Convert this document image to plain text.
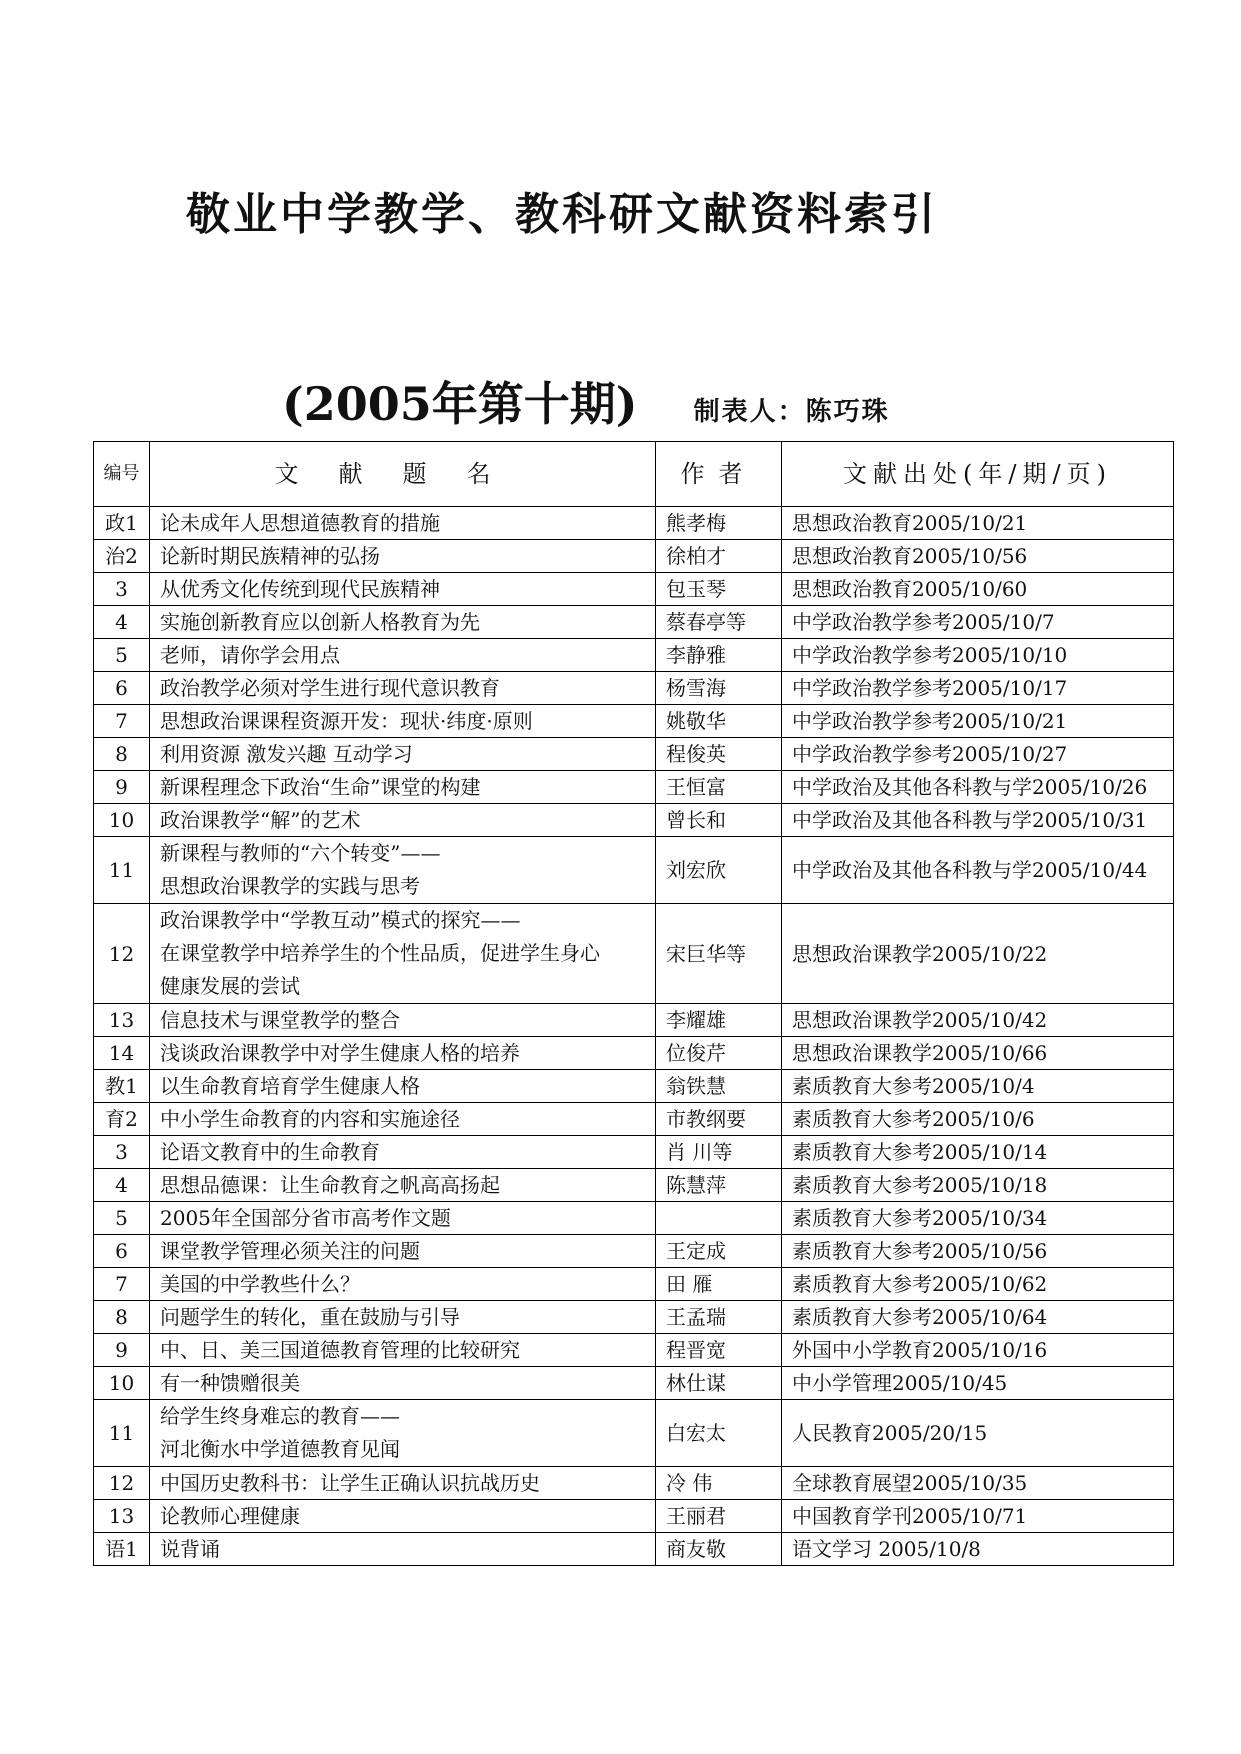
敬业中学教学、教科研文献资料索引
(2005年第十期) 制表人：陈巧珠
编号	文献题名	作者	文献出处(年/期/页)
政1	论未成年人思想道德教育的措施	熊孝梅	思想政治教育2005/10/21
治2	论新时期民族精神的弘扬	徐柏才	思想政治教育2005/10/56
3	从优秀文化传统到现代民族精神	包玉琴	思想政治教育2005/10/60
4	实施创新教育应以创新人格教育为先	蔡春亭等	中学政治教学参考2005/10/7
5	老师，请你学会用点	李静雅	中学政治教学参考2005/10/10
6	政治教学必须对学生进行现代意识教育	杨雪海	中学政治教学参考2005/10/17
7	思想政治课课程资源开发：现状·纬度·原则	姚敬华	中学政治教学参考2005/10/21
8	利用资源 激发兴趣 互动学习	程俊英	中学政治教学参考2005/10/27
9	新课程理念下政治“生命”课堂的构建	王恒富	中学政治及其他各科教与学2005/10/26
10	政治课教学“解”的艺术	曾长和	中学政治及其他各科教与学2005/10/31
11	新课程与教师的“六个转变”——
思想政治课教学的实践与思考	刘宏欣	中学政治及其他各科教与学2005/10/44
12	政治课教学中“学教互动”模式的探究——
在课堂教学中培养学生的个性品质，促进学生身心
健康发展的尝试	宋巨华等	思想政治课教学2005/10/22
13	信息技术与课堂教学的整合	李耀雄	思想政治课教学2005/10/42
14	浅谈政治课教学中对学生健康人格的培养	位俊芹	思想政治课教学2005/10/66
教1	以生命教育培育学生健康人格	翁铁慧	素质教育大参考2005/10/4
育2	中小学生命教育的内容和实施途径	市教纲要	素质教育大参考2005/10/6
3	论语文教育中的生命教育	肖 川等	素质教育大参考2005/10/14
4	思想品德课：让生命教育之帆高高扬起	陈慧萍	素质教育大参考2005/10/18
5	2005年全国部分省市高考作文题		素质教育大参考2005/10/34
6	课堂教学管理必须关注的问题	王定成	素质教育大参考2005/10/56
7	美国的中学教些什么？	田 雁	素质教育大参考2005/10/62
8	问题学生的转化，重在鼓励与引导	王孟瑞	素质教育大参考2005/10/64
9	中、日、美三国道德教育管理的比较研究	程晋宽	外国中小学教育2005/10/16
10	有一种馈赠很美	林仕谋	中小学管理2005/10/45
11	给学生终身难忘的教育——
河北衡水中学道德教育见闻	白宏太	人民教育2005/20/15
12	中国历史教科书：让学生正确认识抗战历史	冷 伟	全球教育展望2005/10/35
13	论教师心理健康	王丽君	中国教育学刊2005/10/71
语1	说背诵	商友敬	语文学习 2005/10/8
